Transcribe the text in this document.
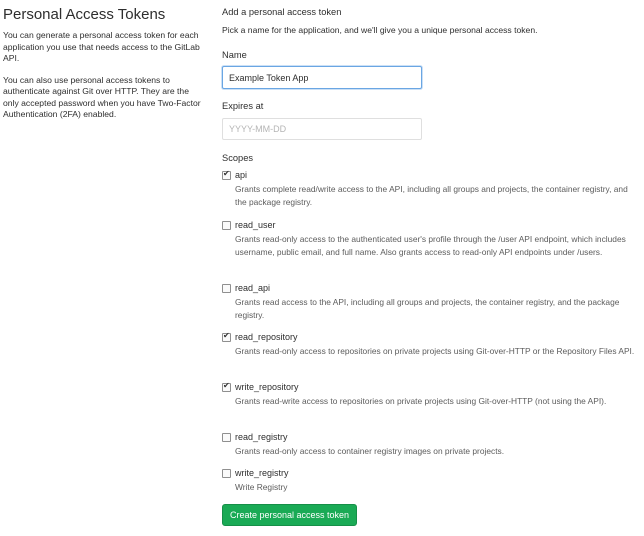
Personal Access Tokens

You can generate a personal access token for each application you use that needs access to the GitLab API.

You can also use personal access tokens to authenticate against Git over HTTP. They are the only accepted password when you have Two-Factor Authentication (2FA) enabled.

Add a personal access token
Pick a name for the application, and we'll give you a unique personal access token.
Name
Example Token App
Expires at
YYYY-MM-DD
Scopes
✔ api
Grants complete read/write access to the API, including all groups and projects, the container registry, and the package registry.
read_user
Grants read-only access to the authenticated user's profile through the /user API endpoint, which includes username, public email, and full name. Also grants access to read-only API endpoints under /users.
read_api
Grants read access to the API, including all groups and projects, the container registry, and the package registry.
✔ read_repository
Grants read-only access to repositories on private projects using Git-over-HTTP or the Repository Files API.
✔ write_repository
Grants read-write access to repositories on private projects using Git-over-HTTP (not using the API).
read_registry
Grants read-only access to container registry images on private projects.
write_registry
Write Registry
Create personal access token
